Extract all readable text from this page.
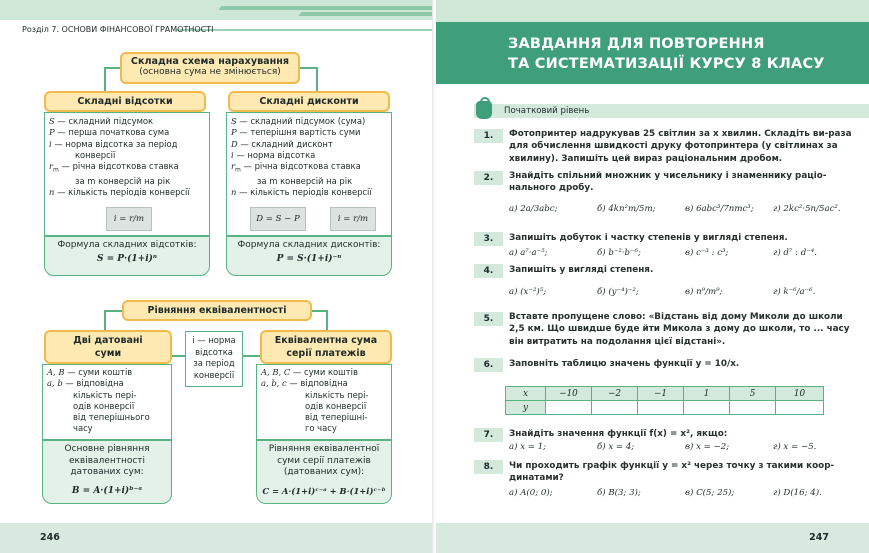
Розділ 7. ОСНОВИ ФІНАНСОВОЇ ГРАМОТНОСТІ
Складна схема нарахування
(основна сума не змінюється)
Складні відсотки
S — складний підсумок
P — перша початкова сума
i — норма відсотка за період
конверсії
$r_m$ — річна відсоткова ставка
за m конверсій на рік
n — кількість періодів конверсії
i = r/m
Формула складних відсотків:
S = P·(1+i)ⁿ
Складні дисконти
S — складний підсумок (сума)
P — теперішня вартість суми
D — складний дисконт
i — норма відсотка
$r_m$ — річна відсоткова ставка
за m конверсій на рік
n — кількість періодів конверсії
D = S − P	i = r/m
Формула складних дисконтів:
P = S·(1+i)⁻ⁿ
Рівняння еквівалентності
i — норма
відсотка
за період
конверсії
Дві датовані
суми
A, B — суми коштів
a, b — відповідна
кількість пері-
одів конверсії
від теперішнього
часу
Основне рівняння
еквівалентності
датованих сум:
B = A·(1+i)ᵇ⁻ᵃ
Еквівалентна сума
серії платежів
A, B, C — суми коштів
a, b, c — відповідна
кількість пері-
одів конверсії
від теперішні-
го часу
Рівняння еквівалентної
суми серії платежів
(датованих сум):
C = A·(1+i)ᶜ⁻ᵃ + B·(1+i)ᶜ⁻ᵇ
246
ЗАВДАННЯ ДЛЯ ПОВТОРЕННЯ
ТА СИСТЕМАТИЗАЦІЇ КУРСУ 8 КЛАСУ
Початковий рівень
1.	Фотопринтер надрукував 25 світлин за x хвилин. Складіть ви-раза для обчислення швидкості друку фотопринтера (у світлинах за хвилину). Запишіть цей вираз раціональним дробом.
2.	Знайдіть спільний множник у чисельнику і знаменнику раціо-нального дробу.
а) 2a/3abc;	б) 4kn²m/5m;	в) 6abc³/7nmc³;	г) 2kc²·5n/5ac².
3.	Запишіть добуток і частку степенів у вигляді степеня.
а) a⁷·a⁻⁵;	б) b⁻²·b⁻⁶;	в) c⁻³ : c³;	г) d⁷ : d⁻⁴.
4.	Запишіть у вигляді степеня.
а) (x⁻²)⁵;	б) (y⁻⁴)⁻²;	в) n⁹/m⁹;	г) k⁻⁶/a⁻⁶.
5.	Вставте пропущене слово: «Відстань від дому Миколи до школи 2,5 км. Що швидше буде йти Микола з дому до школи, то ... часу він витратить на подолання цієї відстані».
6.	Заповніть таблицю значень функції y = 10/x.
7.	Знайдіть значення функції f(x) = x², якщо:
а) x = 1;	б) x = 4;	в) x = −2;	г) x = −5.
8.	Чи проходить графік функції y = x² через точку з такими коор-динатами?
а) A(0; 0);	б) B(3; 3);	в) C(5; 25);	г) D(16; 4).
247
x	−10	−2	−1	1	5	10
y						
